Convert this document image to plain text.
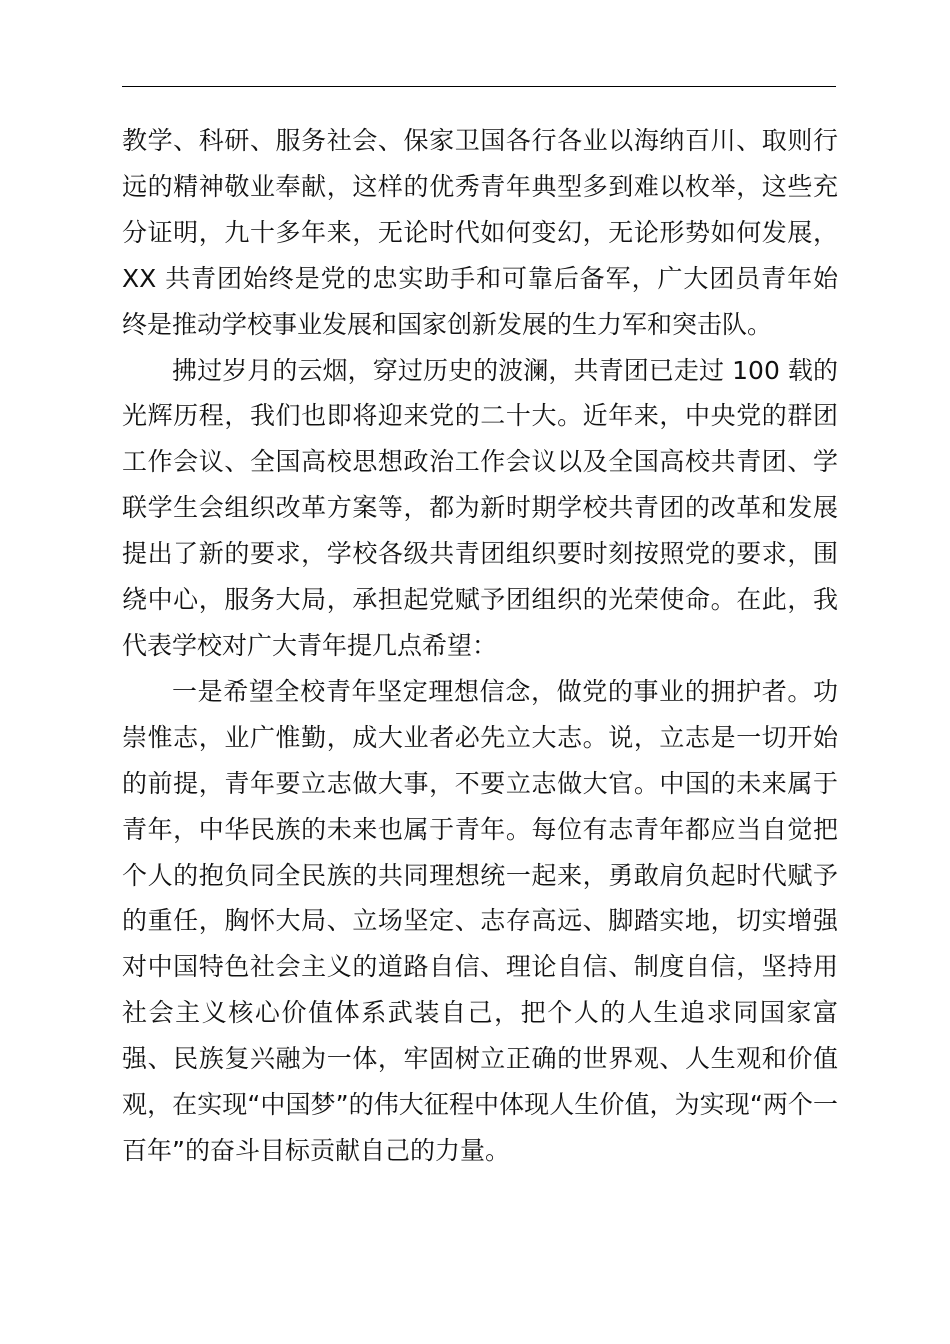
教学、科研、服务社会、保家卫国各行各业以海纳百川、取则行远的精神敬业奉献，这样的优秀青年典型多到难以枚举，这些充分证明，九十多年来，无论时代如何变幻，无论形势如何发展，XX 共青团始终是党的忠实助手和可靠后备军，广大团员青年始终是推动学校事业发展和国家创新发展的生力军和突击队。

拂过岁月的云烟，穿过历史的波澜，共青团已走过 100 载的光辉历程，我们也即将迎来党的二十大。近年来，中央党的群团工作会议、全国高校思想政治工作会议以及全国高校共青团、学联学生会组织改革方案等，都为新时期学校共青团的改革和发展提出了新的要求，学校各级共青团组织要时刻按照党的要求，围绕中心，服务大局，承担起党赋予团组织的光荣使命。在此，我代表学校对广大青年提几点希望：

一是希望全校青年坚定理想信念，做党的事业的拥护者。功崇惟志，业广惟勤，成大业者必先立大志。说，立志是一切开始的前提，青年要立志做大事，不要立志做大官。中国的未来属于青年，中华民族的未来也属于青年。每位有志青年都应当自觉把个人的抱负同全民族的共同理想统一起来，勇敢肩负起时代赋予的重任，胸怀大局、立场坚定、志存高远、脚踏实地，切实增强对中国特色社会主义的道路自信、理论自信、制度自信，坚持用社会主义核心价值体系武装自己，把个人的人生追求同国家富强、民族复兴融为一体，牢固树立正确的世界观、人生观和价值观，在实现“中国梦”的伟大征程中体现人生价值，为实现“两个一百年”的奋斗目标贡献自己的力量。
